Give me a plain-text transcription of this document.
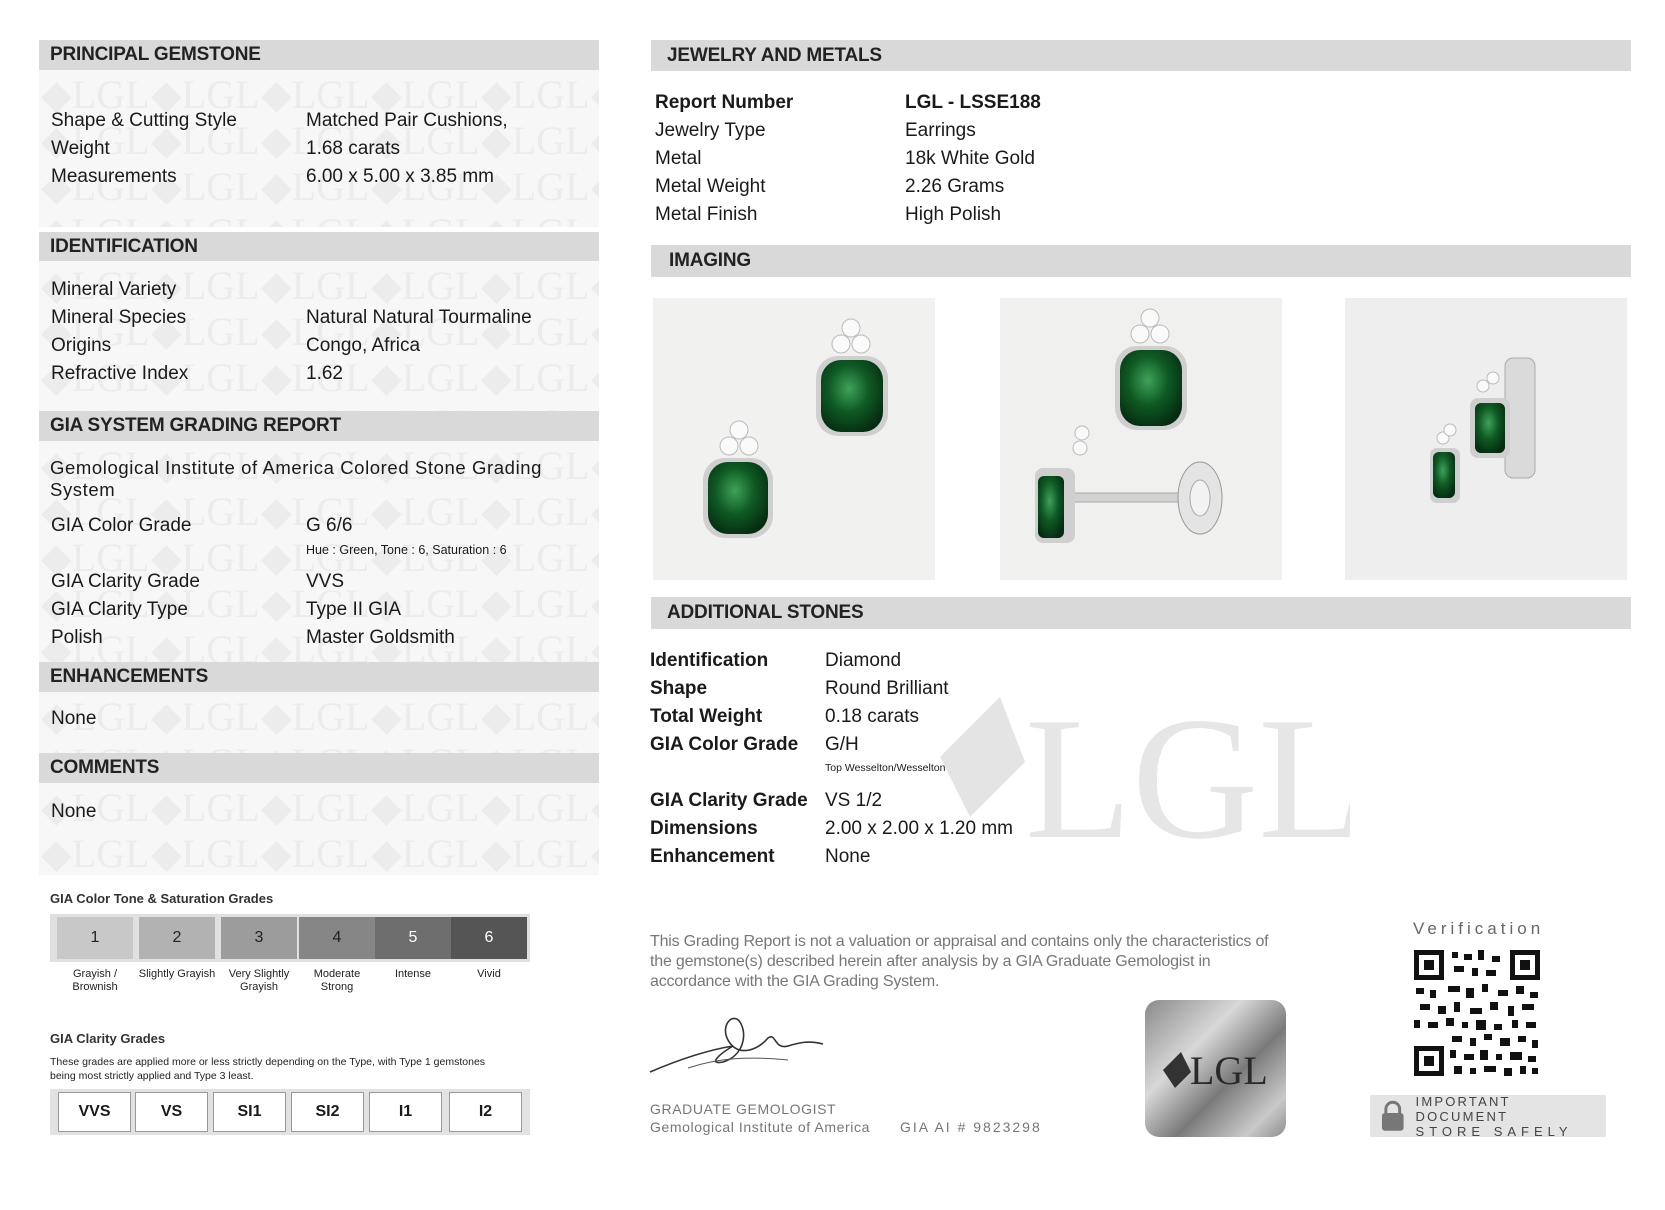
PRINCIPAL GEMSTONE
Shape & Cutting Style	Matched Pair Cushions,
Weight	1.68 carats
Measurements	6.00 x 5.00 x 3.85 mm
IDENTIFICATION
Mineral Variety
Mineral Species	Natural Natural Tourmaline
Origins	Congo, Africa
Refractive Index	1.62
GIA SYSTEM GRADING REPORT
Gemological Institute of America Colored Stone Grading System
GIA Color Grade	G 6/6
Hue : Green, Tone : 6, Saturation : 6
GIA Clarity Grade	VVS
GIA Clarity Type	Type II GIA
Polish	Master Goldsmith
ENHANCEMENTS
None
COMMENTS
None
GIA Color Tone & Saturation Grades
1
Grayish / Brownish
2
Slightly Grayish
3
Very Slightly Grayish
4
Moderate Strong
5
Intense
6
Vivid
GIA Clarity Grades
These grades are applied more or less strictly depending on the Type, with Type 1 gemstones being most strictly applied and Type 3 least.
VVS	VS	SI1	SI2	I1	I2
JEWELRY AND METALS
Report Number	LGL - LSSE188
Jewelry Type	Earrings
Metal	18k White Gold
Metal Weight	2.26 Grams
Metal Finish	High Polish
IMAGING
ADDITIONAL STONES
LGL
Identification	Diamond
Shape	Round Brilliant
Total Weight	0.18 carats
GIA Color Grade G/H
Top Wesselton/Wesselton
GIA Clarity Grade VS 1/2
Dimensions	2.00 x 2.00 x 1.20 mm
Enhancement	None
This Grading Report is not a valuation or appraisal and contains only the characteristics of the gemstone(s) described herein after analysis by a GIA Graduate Gemologist in accordance with the GIA Grading System.
GRADUATE GEMOLOGIST
Gemological Institute of America GIA AI # 9823298
LGL
Verification
IMPORTANT DOCUMENT
STORE SAFELY
